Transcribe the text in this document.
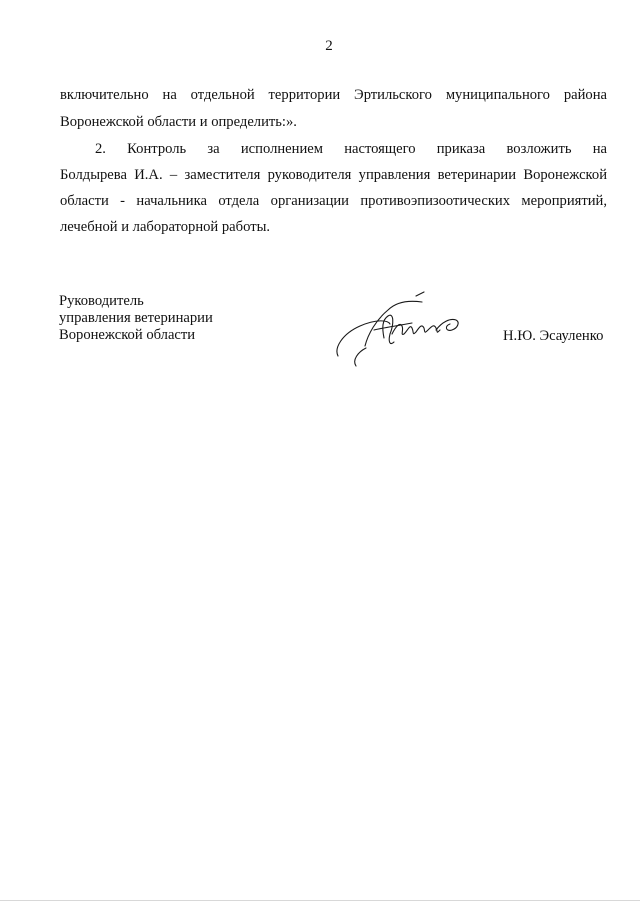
2
включительно на отдельной территории Эртильского муниципального района
Воронежской области и определить:».
2. Контроль за исполнением настоящего приказа возложить на
Болдырева И.А. – заместителя руководителя управления ветеринарии Воронежской
области - начальника отдела организации противоэпизоотических мероприятий,
лечебной и лабораторной работы.
Руководитель
управления ветеринарии
Воронежской области	Н.Ю. Эсауленко
